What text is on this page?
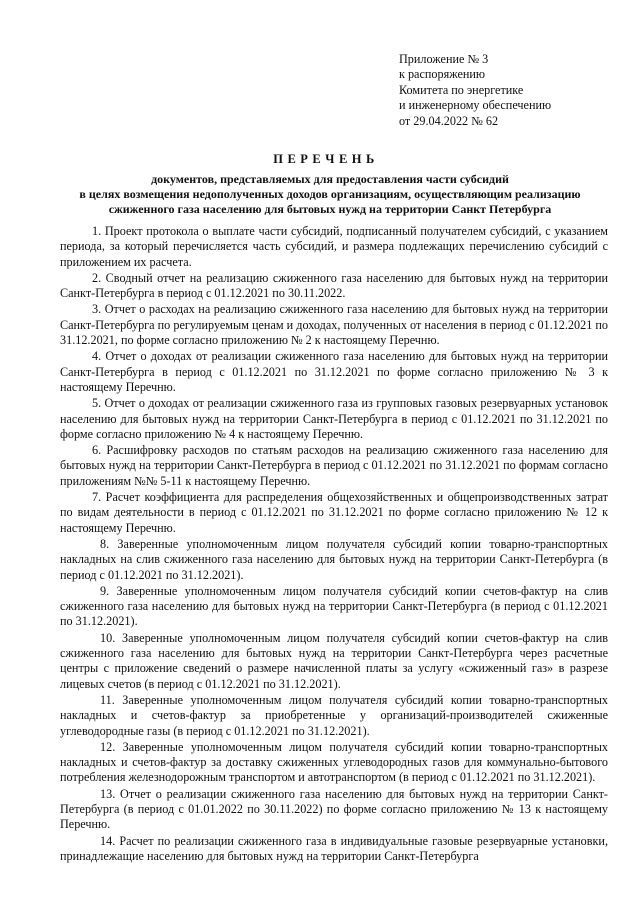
Приложение № 3
к распоряжению
Комитета по энергетике
и инженерному обеспечению
от 29.04.2022 № 62
ПЕРЕЧЕНЬ
документов, представляемых для предоставления части субсидий
в целях возмещения недополученных доходов организациям, осуществляющим реализацию
сжиженного газа населению для бытовых нужд на территории Санкт Петербурга

1. Проект протокола о выплате части субсидий, подписанный получателем субсидий, с указанием периода, за который перечисляется часть субсидий, и размера подлежащих перечислению субсидий с приложением их расчета.

2. Сводный отчет на реализацию сжиженного газа населению для бытовых нужд на территории Санкт-Петербурга в период с 01.12.2021 по 30.11.2022.

3. Отчет о расходах на реализацию сжиженного газа населению для бытовых нужд на территории Санкт-Петербурга по регулируемым ценам и доходах, полученных от населения в период с 01.12.2021 по 31.12.2021, по форме согласно приложению № 2 к настоящему Перечню.

4. Отчет о доходах от реализации сжиженного газа населению для бытовых нужд на территории Санкт-Петербурга в период с 01.12.2021 по 31.12.2021 по форме согласно приложению № 3 к настоящему Перечню.

5. Отчет о доходах от реализации сжиженного газа из групповых газовых резервуарных установок населению для бытовых нужд на территории Санкт-Петербурга в период с 01.12.2021 по 31.12.2021 по форме согласно приложению № 4 к настоящему Перечню.

6. Расшифровку расходов по статьям расходов на реализацию сжиженного газа населению для бытовых нужд на территории Санкт-Петербурга в период с 01.12.2021 по 31.12.2021 по формам согласно приложениям №№ 5-11 к настоящему Перечню.

7. Расчет коэффициента для распределения общехозяйственных и общепроизводственных затрат по видам деятельности в период с 01.12.2021 по 31.12.2021 по форме согласно приложению № 12 к настоящему Перечню.

8. Заверенные уполномоченным лицом получателя субсидий копии товарно-транспортных накладных на слив сжиженного газа населению для бытовых нужд на территории Санкт-Петербурга (в период с 01.12.2021 по 31.12.2021).

9. Заверенные уполномоченным лицом получателя субсидий копии счетов-фактур на слив сжиженного газа населению для бытовых нужд на территории Санкт-Петербурга (в период с 01.12.2021 по 31.12.2021).

10. Заверенные уполномоченным лицом получателя субсидий копии счетов-фактур на слив сжиженного газа населению для бытовых нужд на территории Санкт-Петербурга через расчетные центры с приложение сведений о размере начисленной платы за услугу «сжиженный газ» в разрезе лицевых счетов (в период с 01.12.2021 по 31.12.2021).

11. Заверенные уполномоченным лицом получателя субсидий копии товарно-транспортных накладных и счетов-фактур за приобретенные у организаций-производителей сжиженные углеводородные газы (в период с 01.12.2021 по 31.12.2021).

12. Заверенные уполномоченным лицом получателя субсидий копии товарно-транспортных накладных и счетов-фактур за доставку сжиженных углеводородных газов для коммунально-бытового потребления железнодорожным транспортом и автотранспортом (в период с 01.12.2021 по 31.12.2021).

13. Отчет о реализации сжиженного газа населению для бытовых нужд на территории Санкт-Петербурга (в период с 01.01.2022 по 30.11.2022) по форме согласно приложению № 13 к настоящему Перечню.

14. Расчет по реализации сжиженного газа в индивидуальные газовые резервуарные установки, принадлежащие населению для бытовых нужд на территории Санкт-Петербурга
